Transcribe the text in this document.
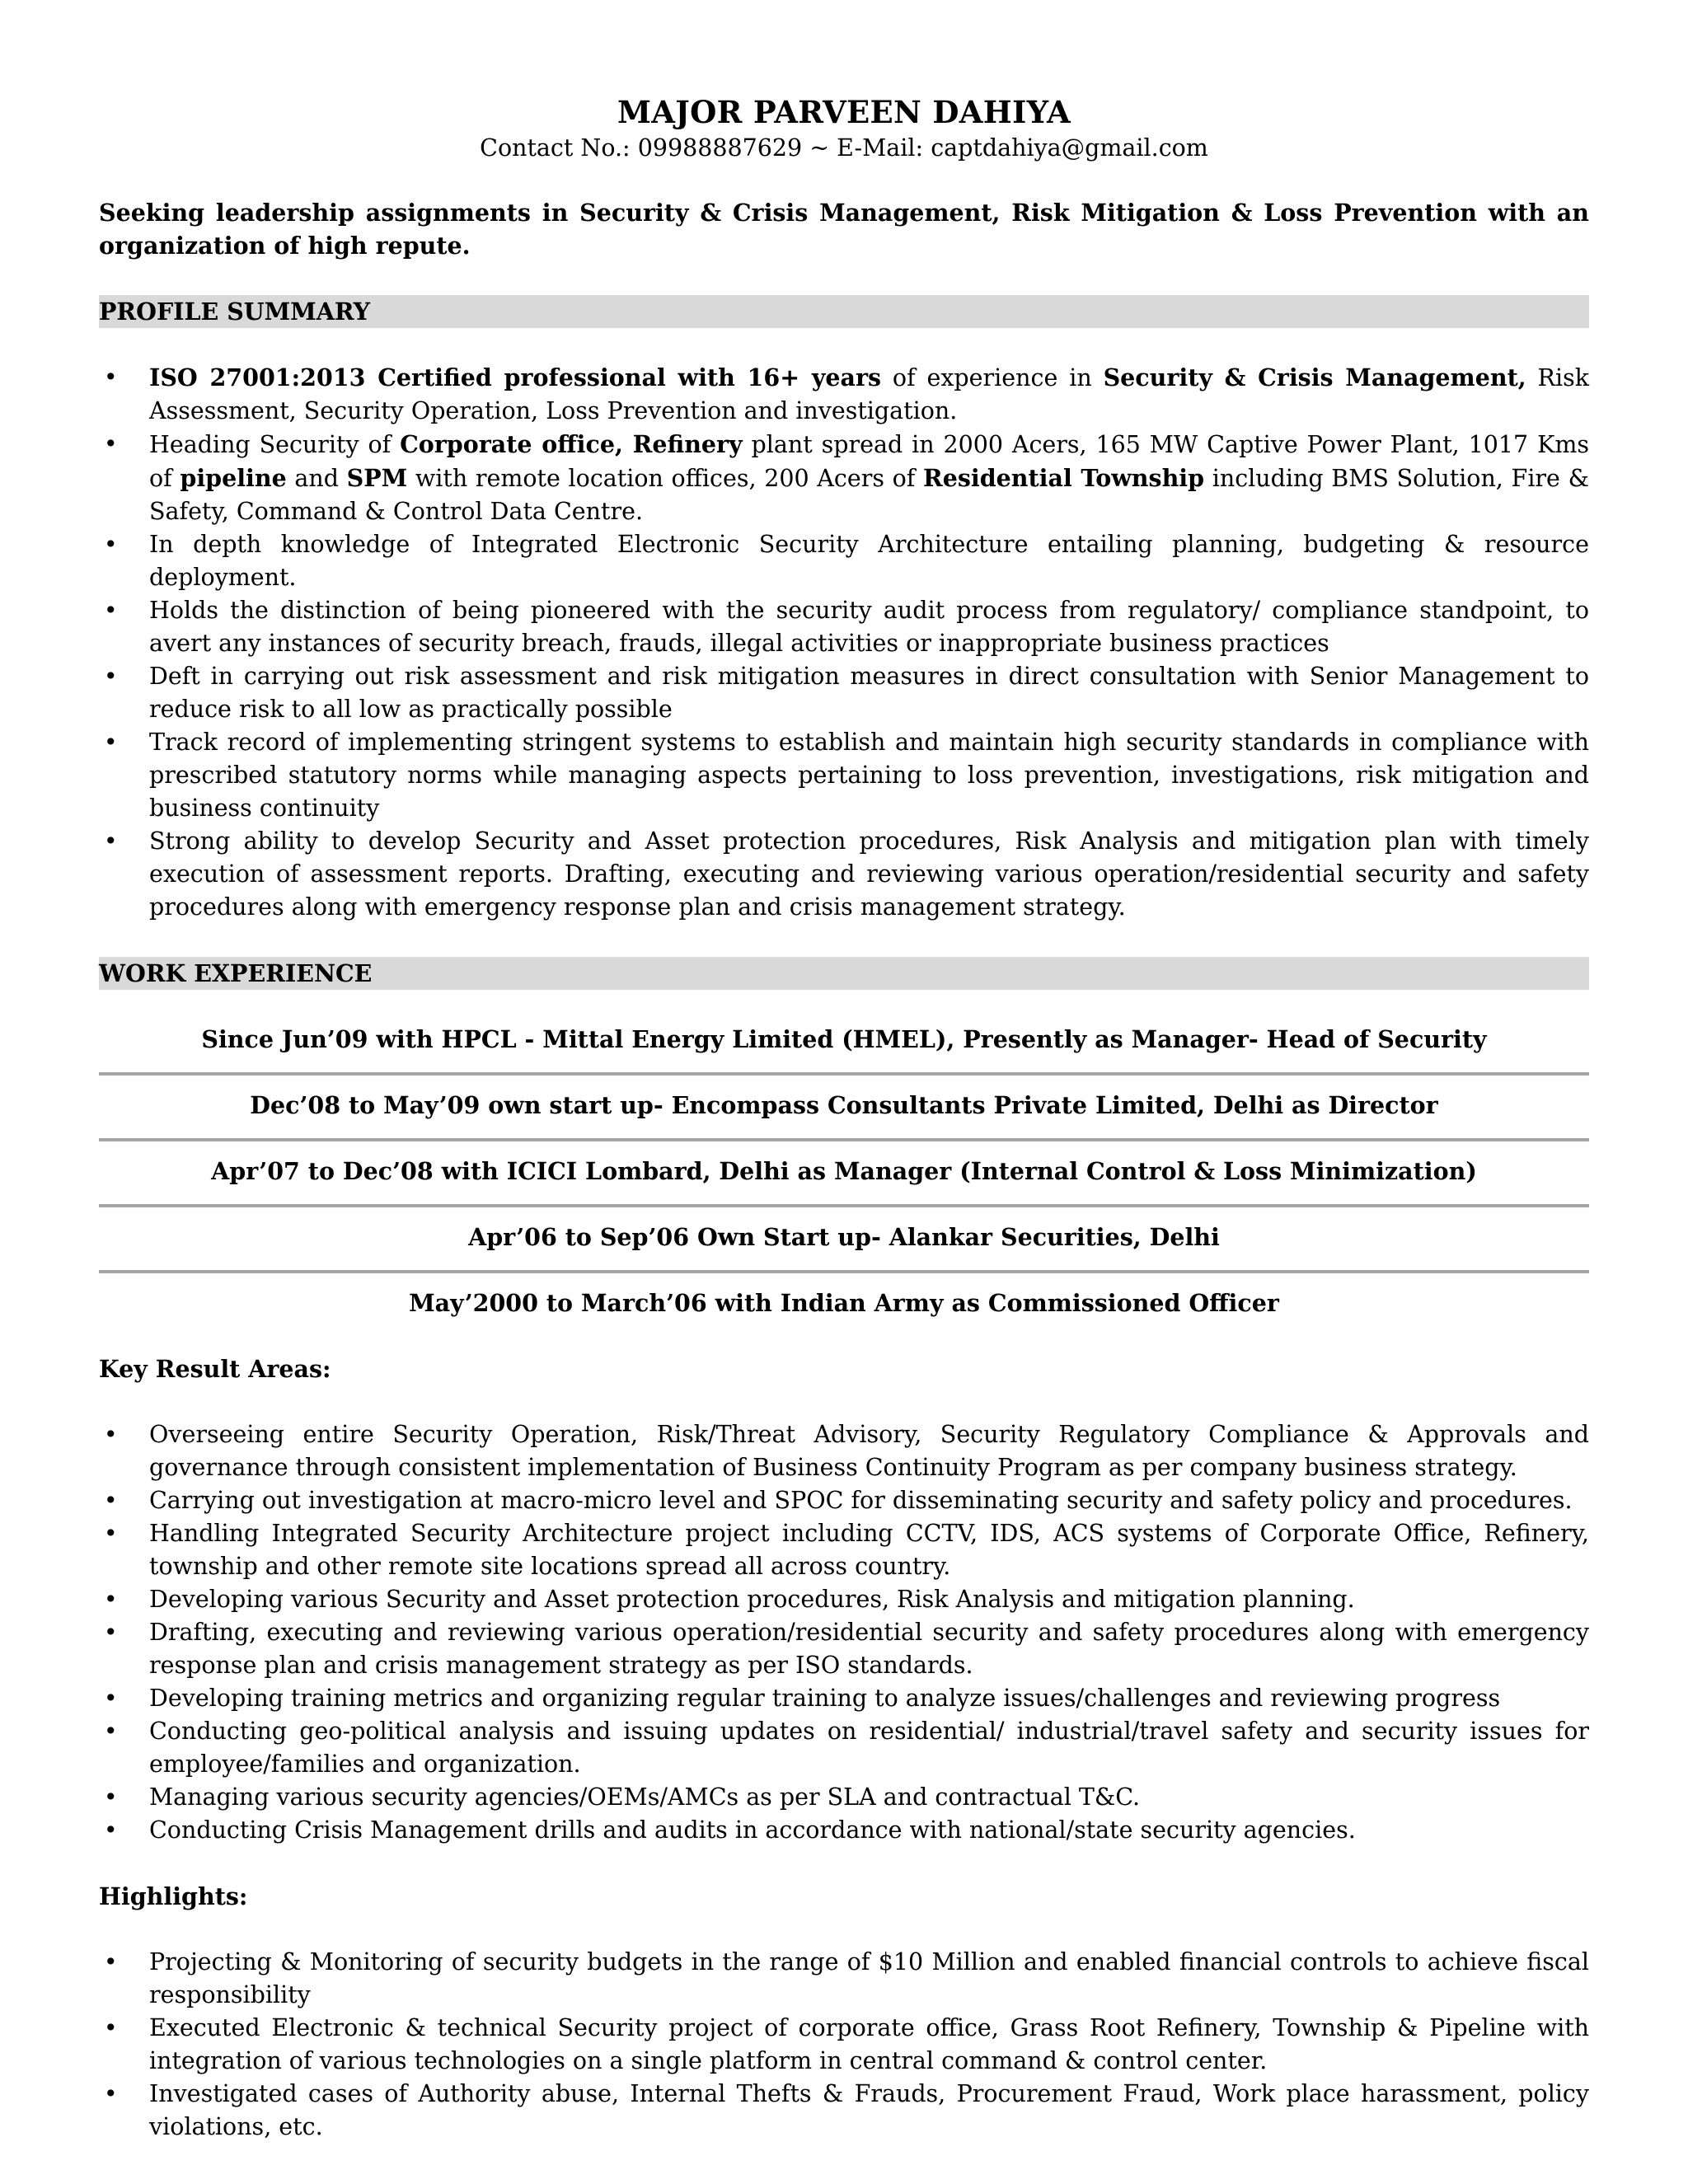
MAJOR PARVEEN DAHIYA

Contact No.: 09988887629 ~ E-Mail: captdahiya@gmail.com

Seeking leadership assignments in Security & Crisis Management, Risk Mitigation & Loss Prevention with an organization of high repute.

PROFILE SUMMARY
• ISO 27001:2013 Certified professional with 16+ years of experience in Security & Crisis Management, Risk Assessment, Security Operation, Loss Prevention and investigation.
• Heading Security of Corporate office, Refinery plant spread in 2000 Acers, 165 MW Captive Power Plant, 1017 Kms of pipeline and SPM with remote location offices, 200 Acers of Residential Township including BMS Solution, Fire & Safety, Command & Control Data Centre.
• In depth knowledge of Integrated Electronic Security Architecture entailing planning, budgeting & resource deployment.
• Holds the distinction of being pioneered with the security audit process from regulatory/ compliance standpoint, to avert any instances of security breach, frauds, illegal activities or inappropriate business practices
• Deft in carrying out risk assessment and risk mitigation measures in direct consultation with Senior Management to reduce risk to all low as practically possible
• Track record of implementing stringent systems to establish and maintain high security standards in compliance with prescribed statutory norms while managing aspects pertaining to loss prevention, investigations, risk mitigation and business continuity
• Strong ability to develop Security and Asset protection procedures, Risk Analysis and mitigation plan with timely execution of assessment reports. Drafting, executing and reviewing various operation/residential security and safety procedures along with emergency response plan and crisis management strategy.
WORK EXPERIENCE
Since Jun’09 with HPCL - Mittal Energy Limited (HMEL), Presently as Manager- Head of Security
Dec’08 to May’09 own start up- Encompass Consultants Private Limited, Delhi as Director
Apr’07 to Dec’08 with ICICI Lombard, Delhi as Manager (Internal Control & Loss Minimization)
Apr’06 to Sep’06 Own Start up- Alankar Securities, Delhi
May’2000 to March’06 with Indian Army as Commissioned Officer

Key Result Areas:

• Overseeing entire Security Operation, Risk/Threat Advisory, Security Regulatory Compliance & Approvals and governance through consistent implementation of Business Continuity Program as per company business strategy.
• Carrying out investigation at macro-micro level and SPOC for disseminating security and safety policy and procedures.
• Handling Integrated Security Architecture project including CCTV, IDS, ACS systems of Corporate Office, Refinery, township and other remote site locations spread all across country.
• Developing various Security and Asset protection procedures, Risk Analysis and mitigation planning.
• Drafting, executing and reviewing various operation/residential security and safety procedures along with emergency response plan and crisis management strategy as per ISO standards.
• Developing training metrics and organizing regular training to analyze issues/challenges and reviewing progress
• Conducting geo-political analysis and issuing updates on residential/ industrial/travel safety and security issues for employee/families and organization.
• Managing various security agencies/OEMs/AMCs as per SLA and contractual T&C.
• Conducting Crisis Management drills and audits in accordance with national/state security agencies.

Highlights:

• Projecting & Monitoring of security budgets in the range of $10 Million and enabled financial controls to achieve fiscal responsibility
• Executed Electronic & technical Security project of corporate office, Grass Root Refinery, Township & Pipeline with integration of various technologies on a single platform in central command & control center.
• Investigated cases of Authority abuse, Internal Thefts & Frauds, Procurement Fraud, Work place harassment, policy violations, etc.
